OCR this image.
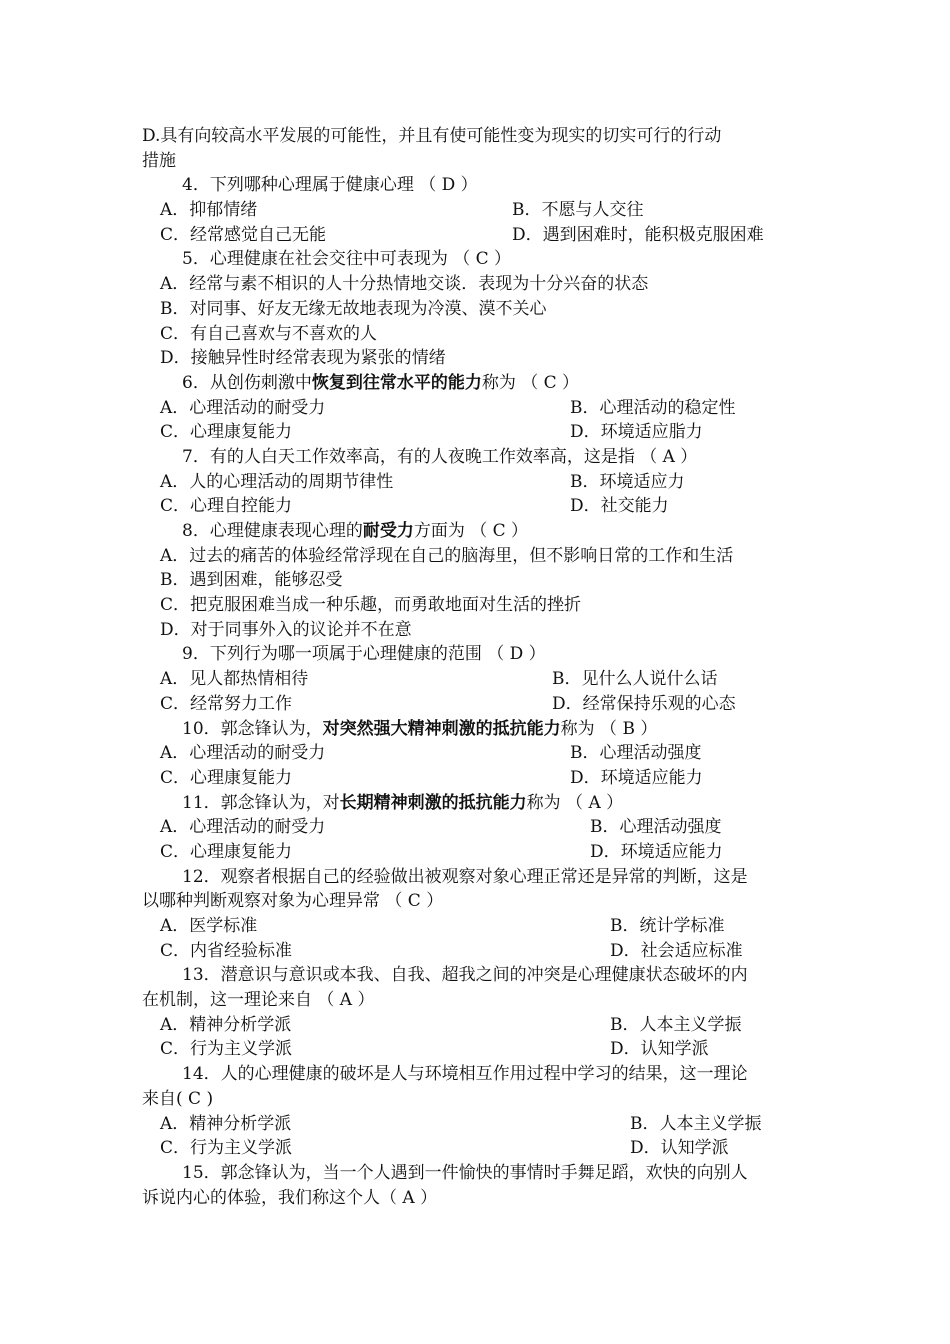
D.具有向较高水平发展的可能性，并且有使可能性变为现实的切实可行的行动
措施
4．下列哪种心理属于健康心理 （ D ）
A．抑郁情绪	B．不愿与人交往
C．经常感觉自己无能	D．遇到困难时，能积极克服困难
5．心理健康在社会交往中可表现为 （ C ）
A．经常与素不相识的人十分热情地交谈．表现为十分兴奋的状态
B．对同事、好友无缘无故地表现为冷漠、漠不关心
C．有自己喜欢与不喜欢的人
D．接触异性时经常表现为紧张的情绪
6．从创伤刺激中恢复到往常水平的能力称为 （ C ）
A．心理活动的耐受力	B．心理活动的稳定性
C．心理康复能力	D．环境适应脂力
7．有的人白天工作效率高，有的人夜晚工作效率高，这是指 （ A ）
A．人的心理活动的周期节律性	B．环境适应力
C．心理自控能力	D．社交能力
8．心理健康表现心理的耐受力方面为 （ C ）
A．过去的痛苦的体验经常浮现在自己的脑海里，但不影响日常的工作和生活
B．遇到困难，能够忍受
C．把克服困难当成一种乐趣，而勇敢地面对生活的挫折
D．对于同事外入的议论并不在意
9．下列行为哪一项属于心理健康的范围 （ D ）
A．见人都热情相待	B．见什么人说什么话
C．经常努力工作	D．经常保持乐观的心态
10．郭念锋认为，对突然强大精神刺激的抵抗能力称为 （ B ）
A．心理活动的耐受力	B．心理活动强度
C．心理康复能力	D．环境适应能力
11．郭念锋认为，对长期精神刺激的抵抗能力称为 （ A ）
A．心理活动的耐受力	B．心理活动强度
C．心理康复能力	D．环境适应能力
12．观察者根据自己的经验做出被观察对象心理正常还是异常的判断，这是
以哪种判断观察对象为心理异常 （ C ）
A．医学标准	B．统计学标准
C．内省经验标准	D．社会适应标准
13．潜意识与意识或本我、自我、超我之间的冲突是心理健康状态破坏的内
在机制，这一理论来自 （ A ）
A．精神分析学派	B．人本主义学振
C．行为主义学派	D．认知学派
14．人的心理健康的破坏是人与环境相互作用过程中学习的结果，这一理论
来自( C )
A．精神分析学派	B．人本主义学振
C．行为主义学派	D．认知学派
15．郭念锋认为，当一个人遇到一件愉快的事情时手舞足蹈，欢快的向别人
诉说内心的体验，我们称这个人（ A ）
